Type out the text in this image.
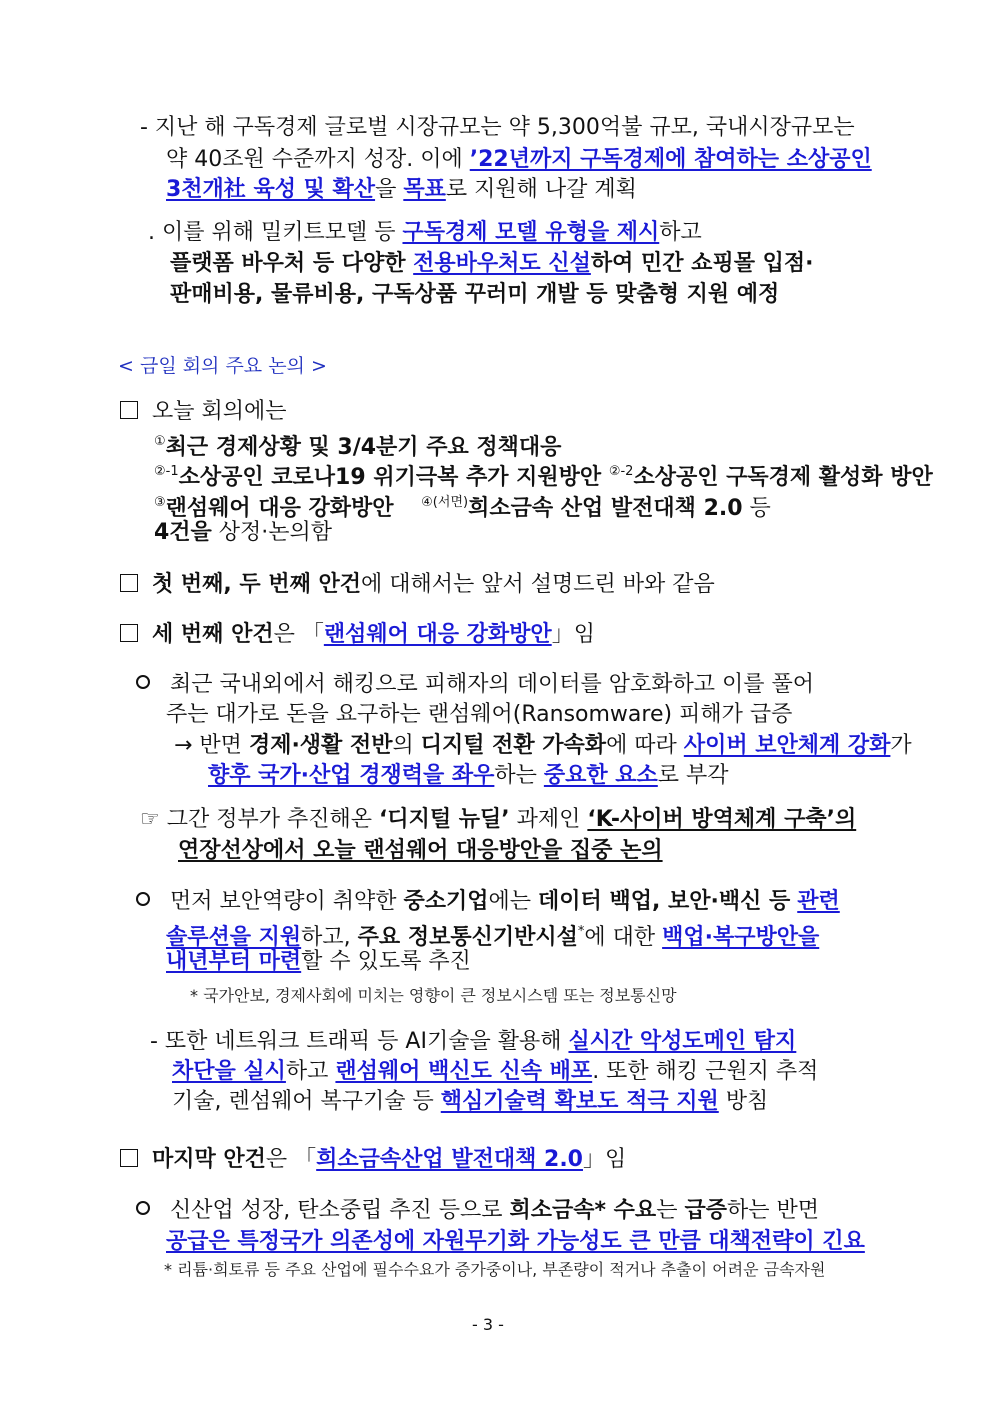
- 지난 해 구독경제 글로벌 시장규모는 약 5,300억불 규모, 국내시장규모는
약 40조원 수준까지 성장. 이에 ’22년까지 구독경제에 참여하는 소상공인
3천개社 육성 및 확산을 목표로 지원해 나갈 계획
. 이를 위해 밀키트모델 등 구독경제 모델 유형을 제시하고
플랫폼 바우처 등 다양한 전용바우처도 신설하여 민간 쇼핑몰 입점·
판매비용, 물류비용, 구독상품 꾸러미 개발 등 맞춤형 지원 예정
< 금일 회의 주요 논의 >
오늘 회의에는
①최근 경제상황 및 3/4분기 주요 정책대응
$^{②-1}$소상공인 코로나19 위기극복 추가 지원방안 $^{②-2}$소상공인 구독경제 활성화 방안
③랜섬웨어 대응 강화방안 $^{④(서면)}$희소금속 산업 발전대책 2.0 등
4건을 상정·논의함
첫 번째, 두 번째 안건에 대해서는 앞서 설명드린 바와 같음
세 번째 안건은 「랜섬웨어 대응 강화방안」임
최근 국내외에서 해킹으로 피해자의 데이터를 암호화하고 이를 풀어
주는 대가로 돈을 요구하는 랜섬웨어(Ransomware) 피해가 급증
→ 반면 경제·생활 전반의 디지털 전환 가속화에 따라 사이버 보안체계 강화가
향후 국가·산업 경쟁력을 좌우하는 중요한 요소로 부각
☞ 그간 정부가 추진해온 ‘디지털 뉴딜’ 과제인 ‘K-사이버 방역체계 구축’의
연장선상에서 오늘 랜섬웨어 대응방안을 집중 논의
먼저 보안역량이 취약한 중소기업에는 데이터 백업, 보안·백신 등 관련
솔루션을 지원하고, 주요 정보통신기반시설*에 대한 백업·복구방안을
내년부터 마련할 수 있도록 추진
* 국가안보, 경제사회에 미치는 영향이 큰 정보시스템 또는 정보통신망
- 또한 네트워크 트래픽 등 AI기술을 활용해 실시간 악성도메인 탐지
차단을 실시하고 랜섬웨어 백신도 신속 배포. 또한 해킹 근원지 추적
기술, 렌섬웨어 복구기술 등 핵심기술력 확보도 적극 지원 방침
마지막 안건은 「희소금속산업 발전대책 2.0」임
신산업 성장, 탄소중립 추진 등으로 희소금속* 수요는 급증하는 반면
공급은 특정국가 의존성에 자원무기화 가능성도 큰 만큼 대책전략이 긴요
* 리튬·희토류 등 주요 산업에 필수수요가 증가중이나, 부존량이 적거나 추출이 어려운 금속자원
- 3 -
